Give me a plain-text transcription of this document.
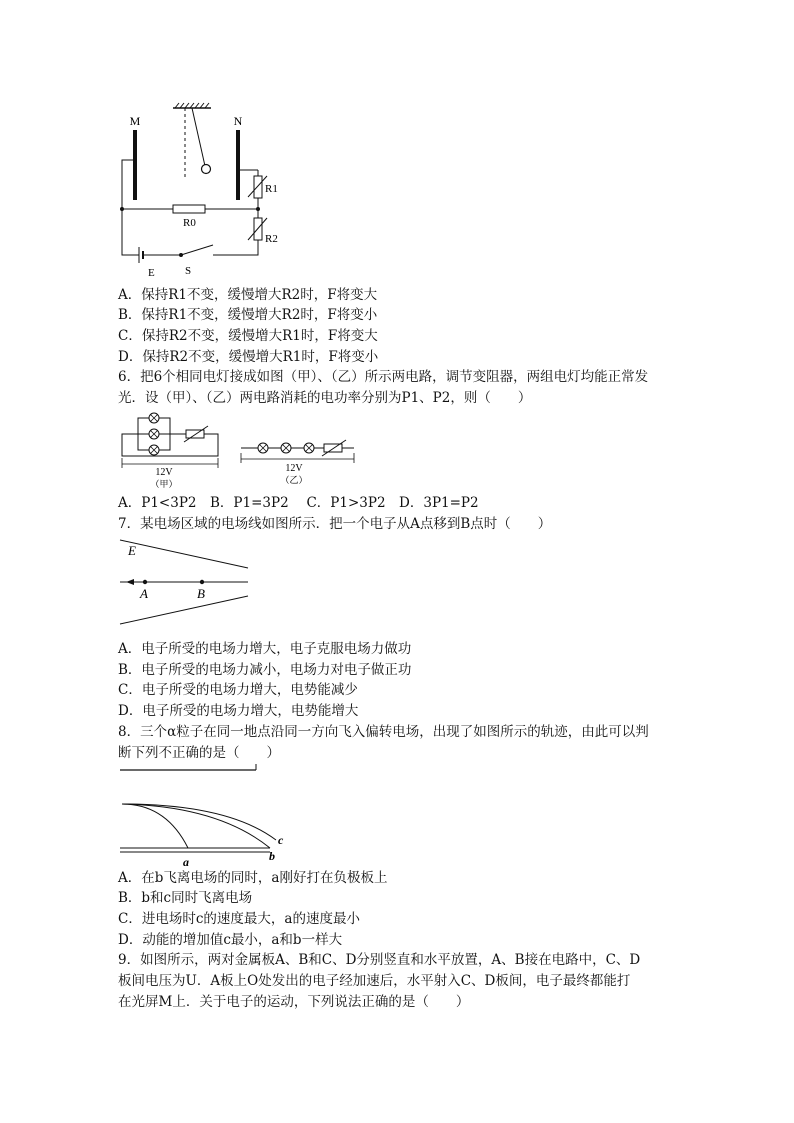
M	N
R1
R0
R2
E	S
A．保持R1不变，缓慢增大R2时，F将变大
B．保持R1不变，缓慢增大R2时，F将变小
C．保持R2不变，缓慢增大R1时，F将变大
D．保持R2不变，缓慢增大R1时，F将变小
6．把6个相同电灯接成如图（甲）、（乙）所示两电路，调节变阻器，两组电灯均能正常发
光．设（甲）、（乙）两电路消耗的电功率分别为P1、P2，则（　　）
12V
（甲）
12V
（乙）
A．P1<3P2　B．P1=3P2　 C．P1>3P2　D．3P1=P2
7．某电场区域的电场线如图所示．把一个电子从A点移到B点时（　　）
E
A	B
A．电子所受的电场力增大，电子克服电场力做功
B．电子所受的电场力减小，电场力对电子做正功
C．电子所受的电场力增大，电势能减少
D．电子所受的电场力增大，电势能增大
8．三个α粒子在同一地点沿同一方向飞入偏转电场，出现了如图所示的轨迹，由此可以判
断下列不正确的是（　　）
a	b
c
A．在b飞离电场的同时，a刚好打在负极板上
B．b和c同时飞离电场
C．进电场时c的速度最大，a的速度最小
D．动能的增加值c最小，a和b一样大
9．如图所示，两对金属板A、B和C、D分别竖直和水平放置，A、B接在电路中，C、D
板间电压为U．A板上O处发出的电子经加速后，水平射入C、D板间，电子最终都能打
在光屏M上．关于电子的运动，下列说法正确的是（　　）
